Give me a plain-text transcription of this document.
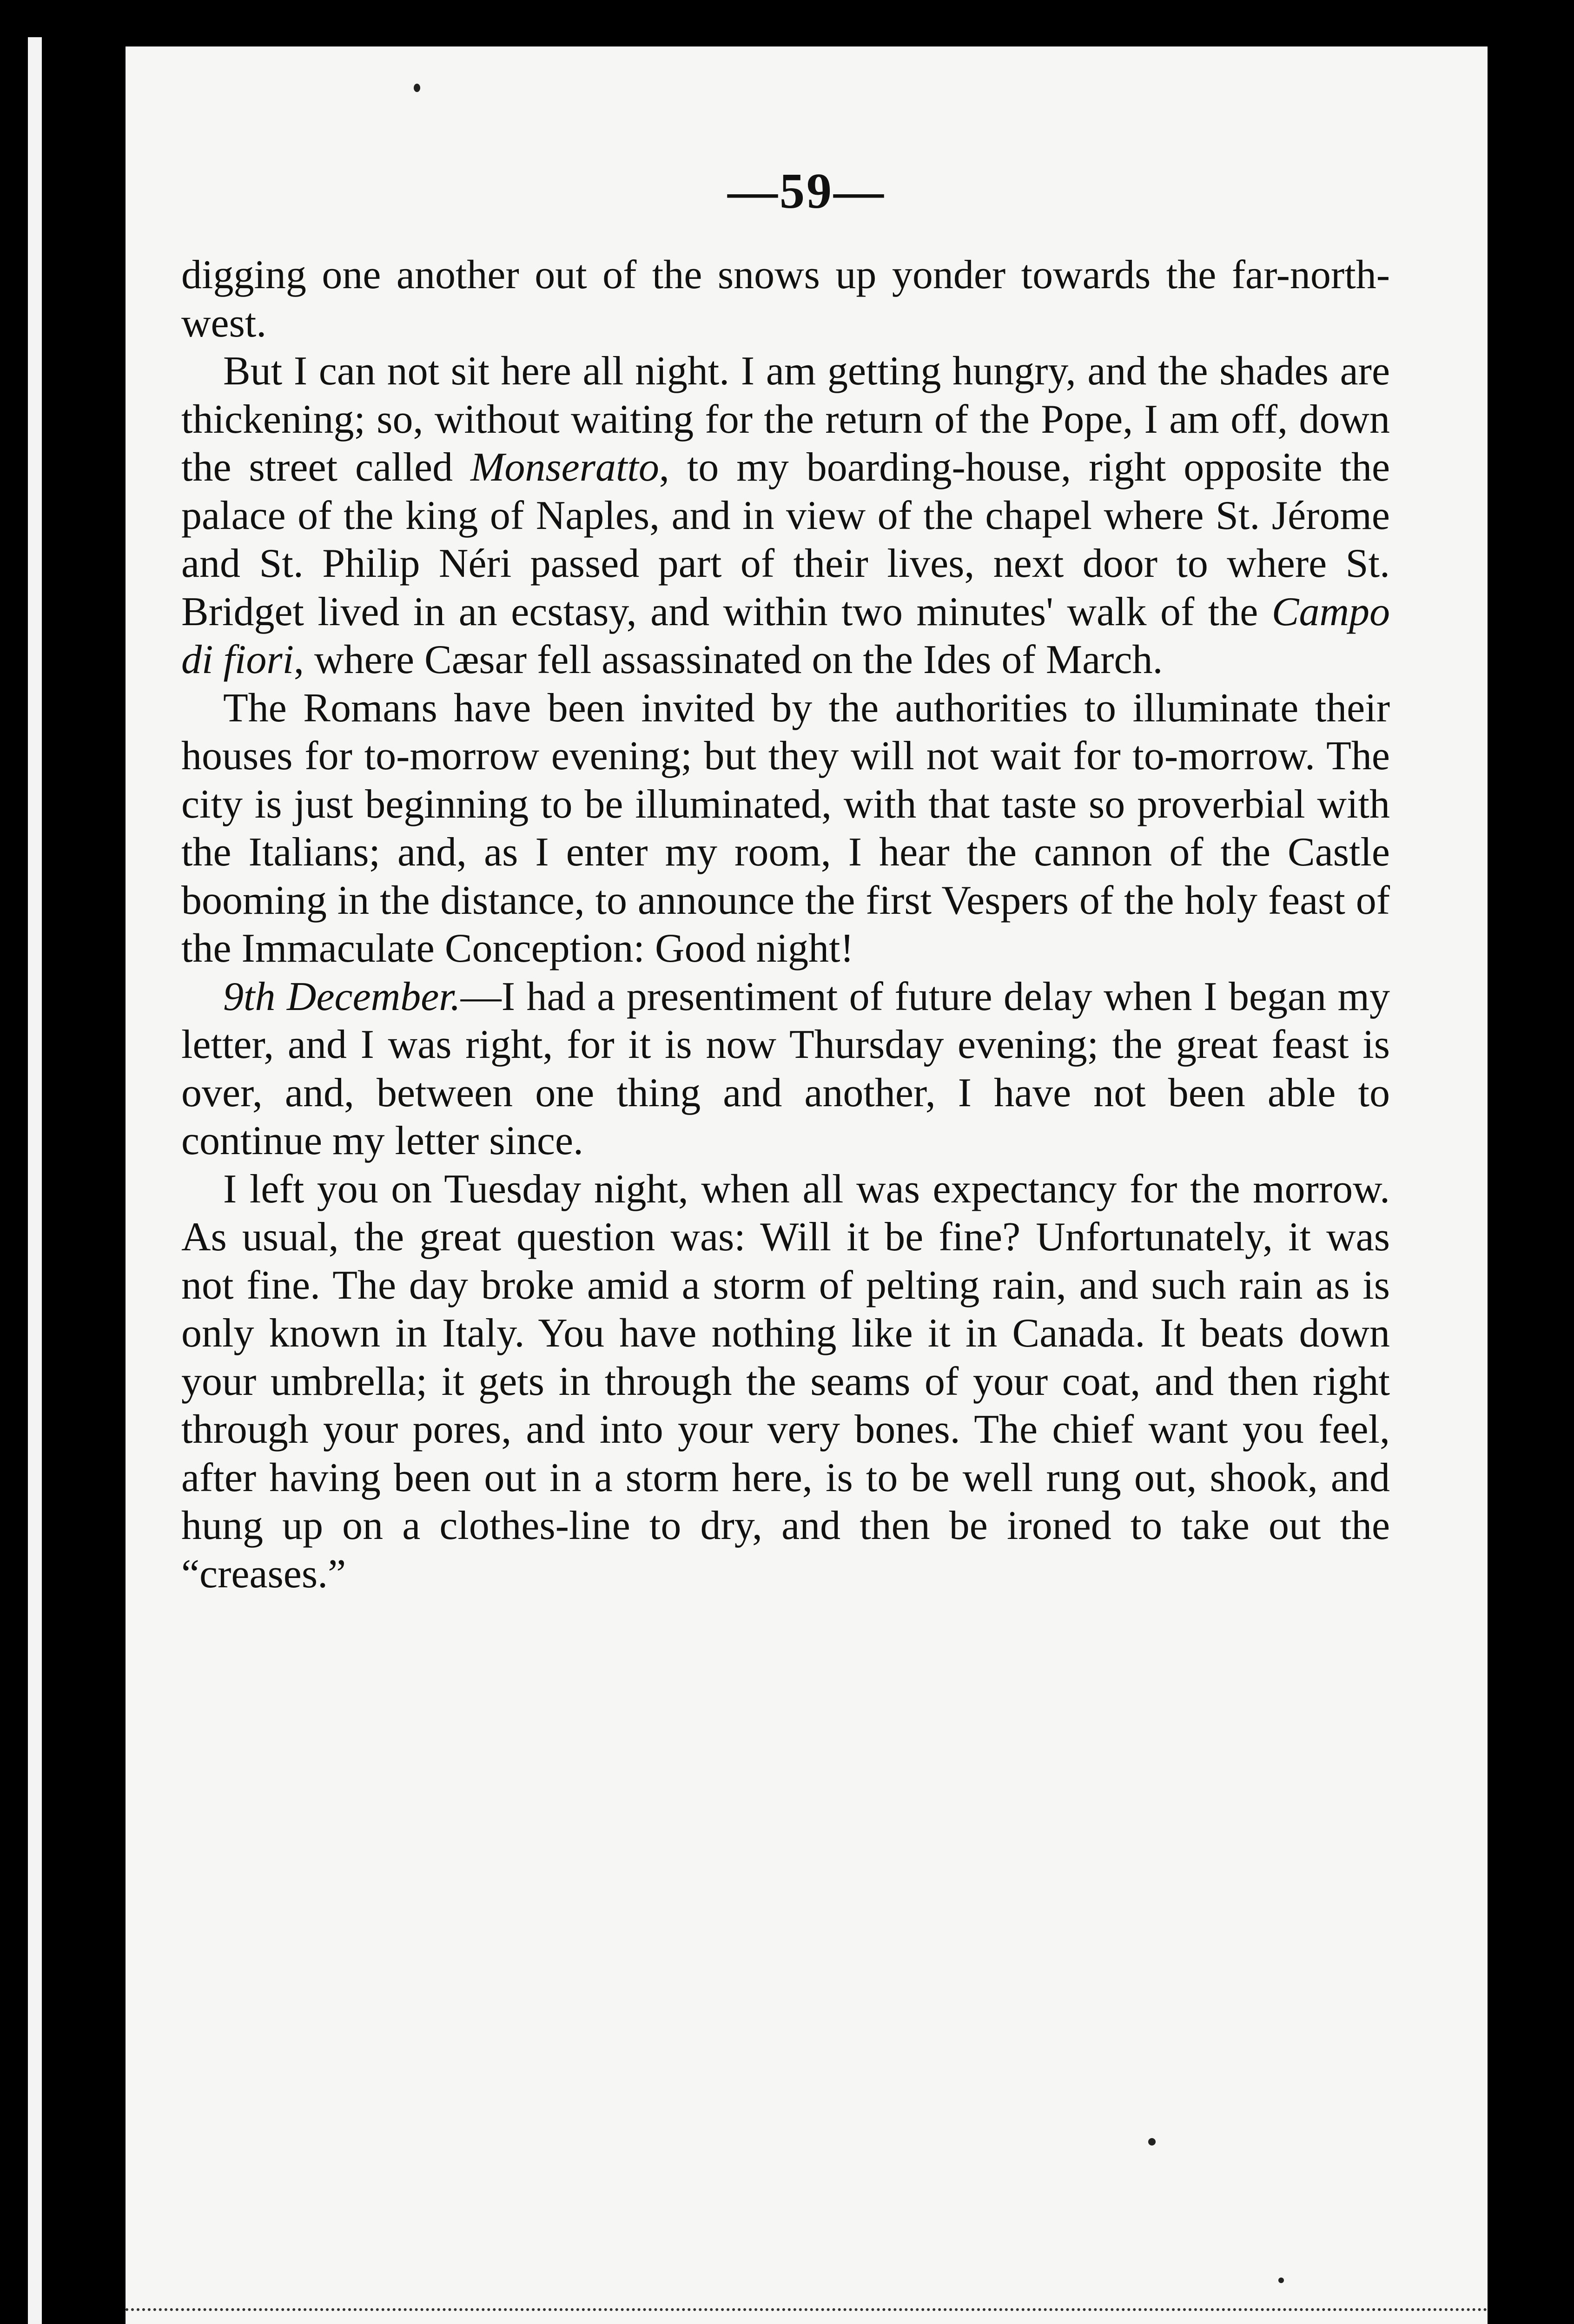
—59—

digging one another out of the snows up yonder towards the far-north-west.

But I can not sit here all night. I am getting hungry, and the shades are thickening; so, without waiting for the return of the Pope, I am off, down the street called Monseratto, to my boarding-house, right opposite the palace of the king of Naples, and in view of the chapel where St. Jérome and St. Philip Néri passed part of their lives, next door to where St. Bridget lived in an ecstasy, and within two minutes' walk of the Campo di fiori, where Cæsar fell assassinated on the Ides of March.

The Romans have been invited by the authorities to illuminate their houses for to-morrow evening; but they will not wait for to-morrow. The city is just beginning to be illuminated, with that taste so proverbial with the Italians; and, as I enter my room, I hear the cannon of the Castle booming in the distance, to announce the first Vespers of the holy feast of the Immaculate Conception: Good night!

9th December.—I had a presentiment of future delay when I began my letter, and I was right, for it is now Thursday evening; the great feast is over, and, between one thing and another, I have not been able to continue my letter since.

I left you on Tuesday night, when all was expectancy for the morrow. As usual, the great question was: Will it be fine? Unfortunately, it was not fine. The day broke amid a storm of pelting rain, and such rain as is only known in Italy. You have nothing like it in Canada. It beats down your umbrella; it gets in through the seams of your coat, and then right through your pores, and into your very bones. The chief want you feel, after having been out in a storm here, is to be well rung out, shook, and hung up on a clothes-line to dry, and then be ironed to take out the “creases.”
